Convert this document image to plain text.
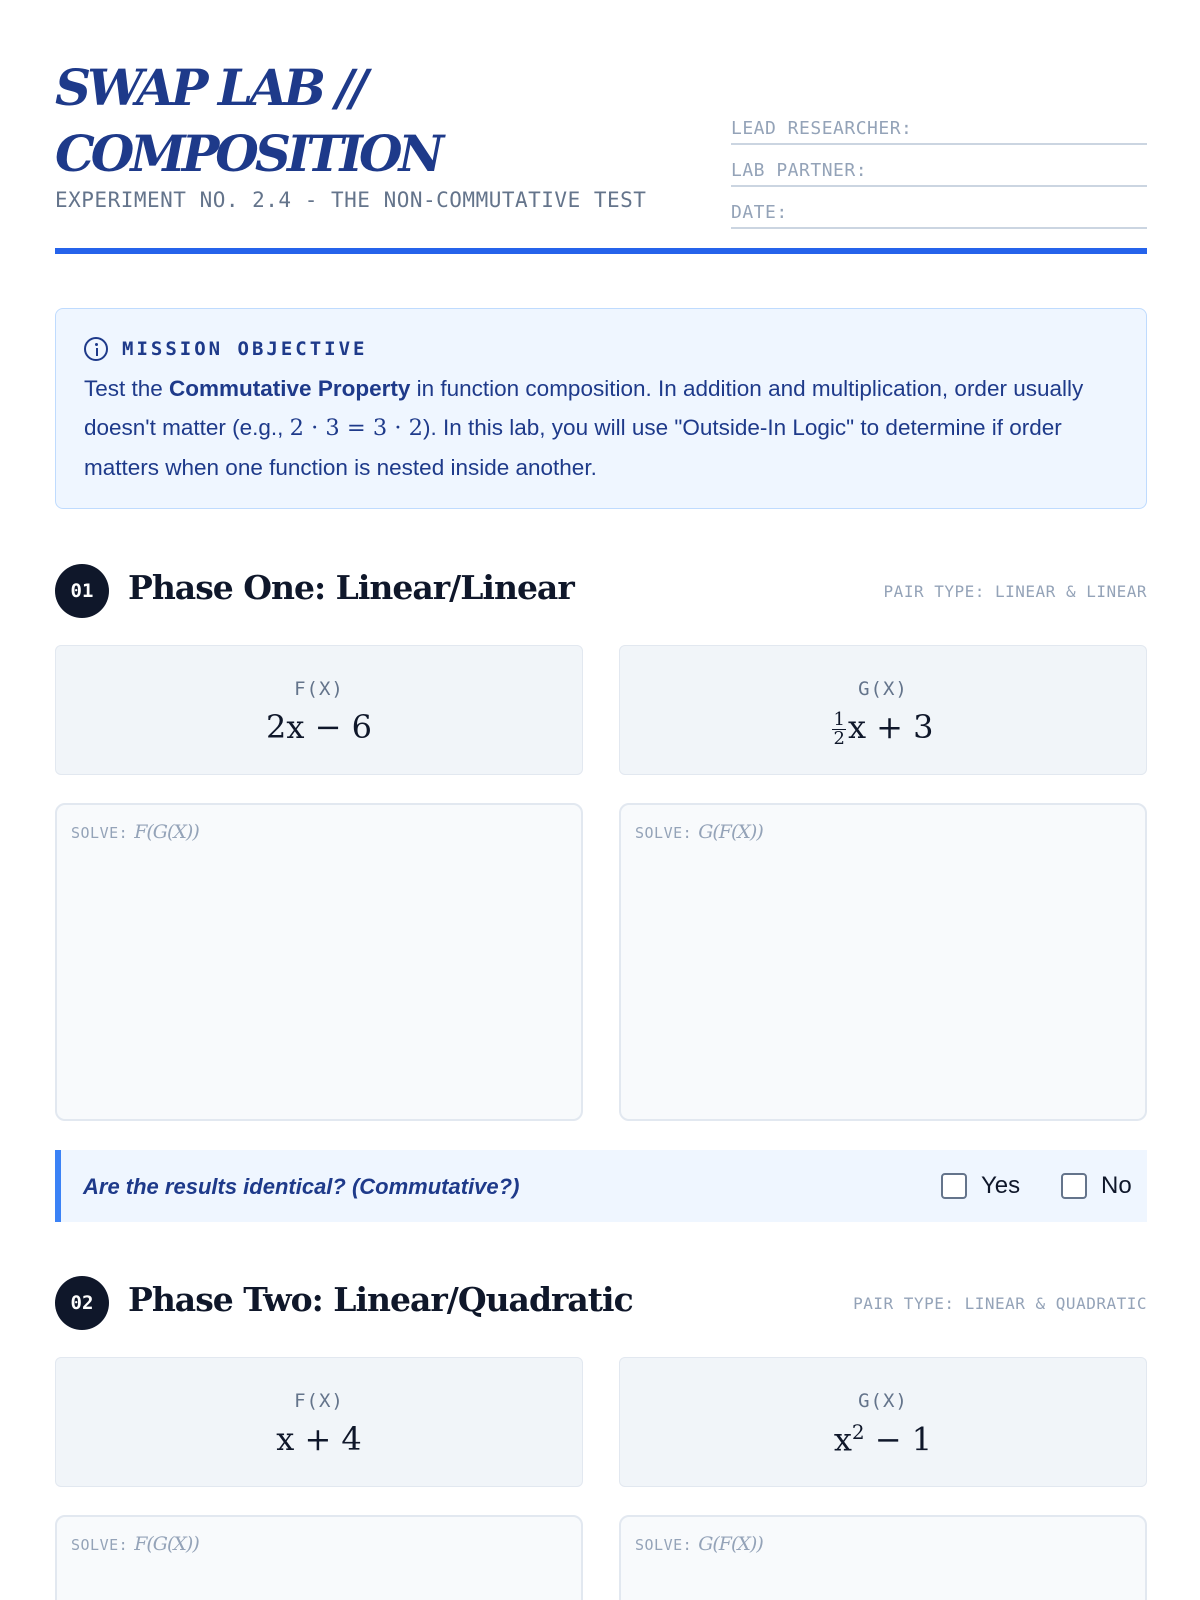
SWAP LAB //
COMPOSITION
EXPERIMENT NO. 2.4 - THE NON-COMMUTATIVE TEST
LEAD RESEARCHER:
LAB PARTNER:
DATE:
MISSION OBJECTIVE
Test the Commutative Property in function composition. In addition and multiplication, order usually doesn't matter (e.g., 2 · 3 = 3 · 2). In this lab, you will use "Outside-In Logic" to determine if order matters when one function is nested inside another.
01	Phase One: Linear/Linear	PAIR TYPE: LINEAR & LINEAR
F(X)
2x − 6
G(X)
$\frac{1}{2}$ x + 3
SOLVE: F(G(X))	SOLVE: G(F(X))
Are the results identical? (Commutative?)	Yes	No
02	Phase Two: Linear/Quadratic	PAIR TYPE: LINEAR & QUADRATIC
F(X)
x + 4
G(X)
$x^2 - 1$
SOLVE: F(G(X))	SOLVE: G(F(X))
